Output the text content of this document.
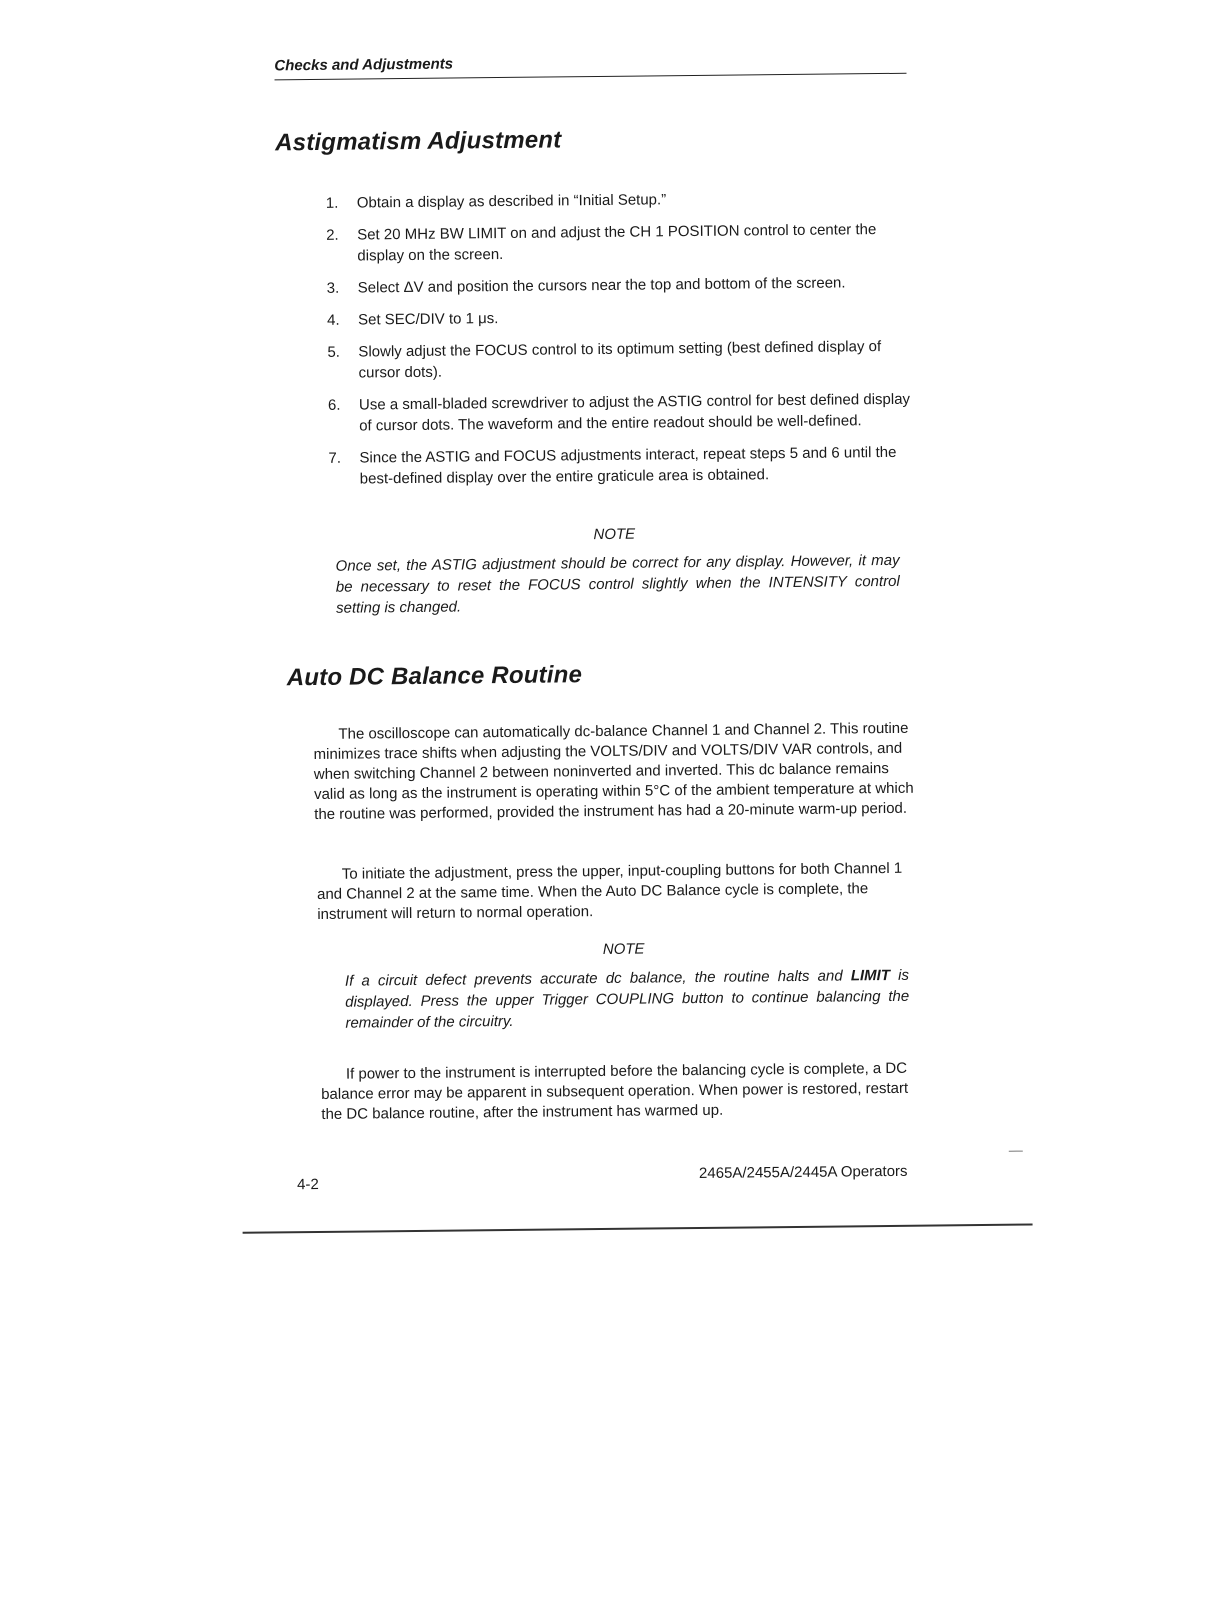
Checks and Adjustments
Astigmatism Adjustment
1. Obtain a display as described in “Initial Setup.”
2. Set 20 MHz BW LIMIT on and adjust the CH 1 POSITION control to center the display on the screen.
3. Select ΔV and position the cursors near the top and bottom of the screen.
4. Set SEC/DIV to 1 μs.
5. Slowly adjust the FOCUS control to its optimum setting (best defined display of cursor dots).
6. Use a small-bladed screwdriver to adjust the ASTIG control for best defined display of cursor dots. The waveform and the entire readout should be well-defined.
7. Since the ASTIG and FOCUS adjustments interact, repeat steps 5 and 6 until the best-defined display over the entire graticule area is obtained.
NOTE
Once set, the ASTIG adjustment should be correct for any display. However, it may be necessary to reset the FOCUS control slightly when the INTENSITY control setting is changed.
Auto DC Balance Routine

The oscilloscope can automatically dc-balance Channel 1 and Channel 2. This routine minimizes trace shifts when adjusting the VOLTS/DIV and VOLTS/DIV VAR controls, and when switching Channel 2 between noninverted and inverted. This dc balance remains valid as long as the instrument is operating within 5°C of the ambient temperature at which the routine was performed, provided the instrument has had a 20-minute warm-up period.

To initiate the adjustment, press the upper, input-coupling buttons for both Channel 1 and Channel 2 at the same time. When the Auto DC Balance cycle is complete, the instrument will return to normal operation.

NOTE
If a circuit defect prevents accurate dc balance, the routine halts and LIMIT is displayed. Press the upper Trigger COUPLING button to continue balancing the remainder of the circuitry.

If power to the instrument is interrupted before the balancing cycle is complete, a DC balance error may be apparent in subsequent operation. When power is restored, restart the DC balance routine, after the instrument has warmed up.

4-2
2465A/2455A/2445A Operators
